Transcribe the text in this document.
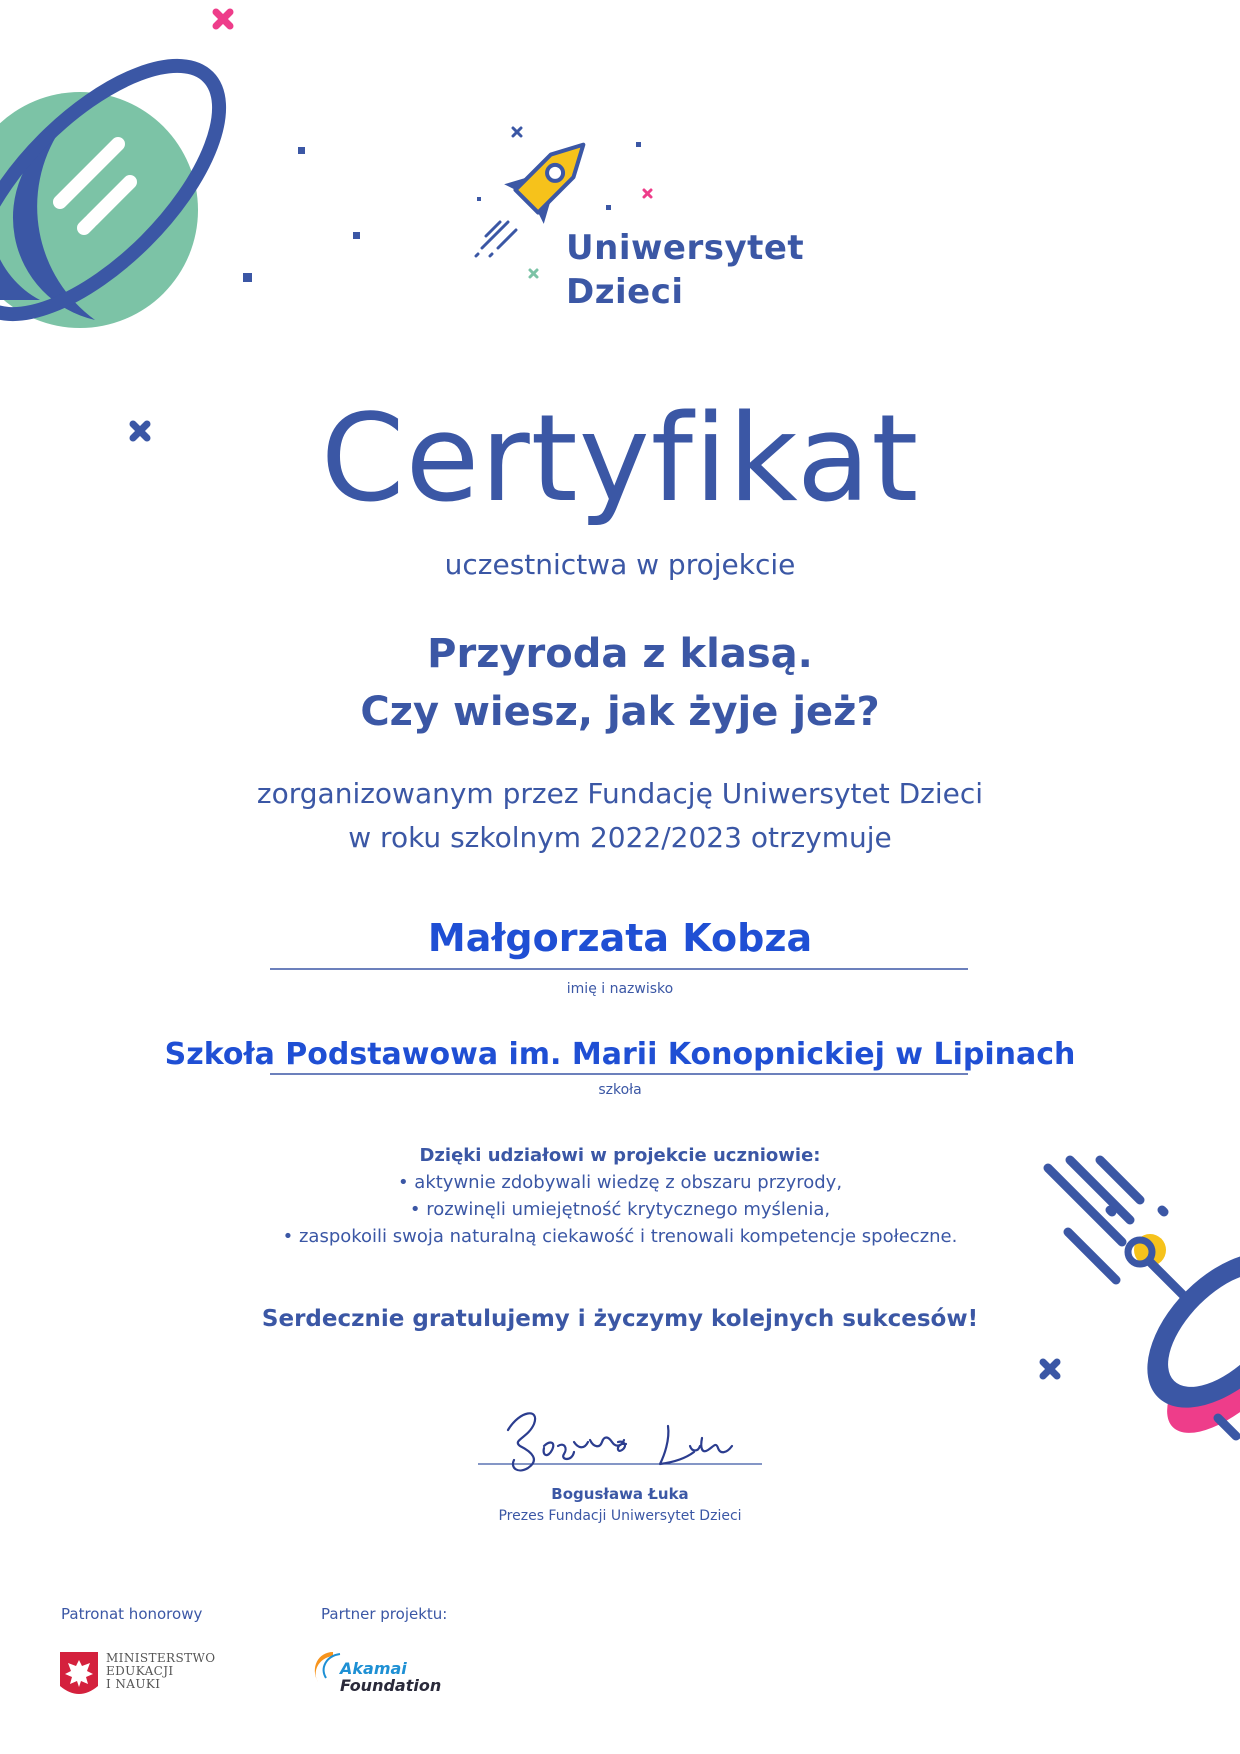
Uniwersytet
Dzieci
Certyfikat
uczestnictwa w projekcie
Przyroda z klasą.
Czy wiesz, jak żyje jeż?
zorganizowanym przez Fundację Uniwersytet Dzieci
w roku szkolnym 2022/2023 otrzymuje
Małgorzata Kobza
imię i nazwisko
Szkoła Podstawowa im. Marii Konopnickiej w Lipinach
szkoła
Dzięki udziałowi w projekcie uczniowie:
• aktywnie zdobywali wiedzę z obszaru przyrody,
• rozwinęli umiejętność krytycznego myślenia,
• zaspokoili swoja naturalną ciekawość i trenowali kompetencje społeczne.
Serdecznie gratulujemy i życzymy kolejnych sukcesów!
Bogusława Łuka
Prezes Fundacji Uniwersytet Dzieci
Patronat honorowy
MINISTERSTWO
EDUKACJI
I NAUKI
Partner projektu:
Akamai
Foundation
